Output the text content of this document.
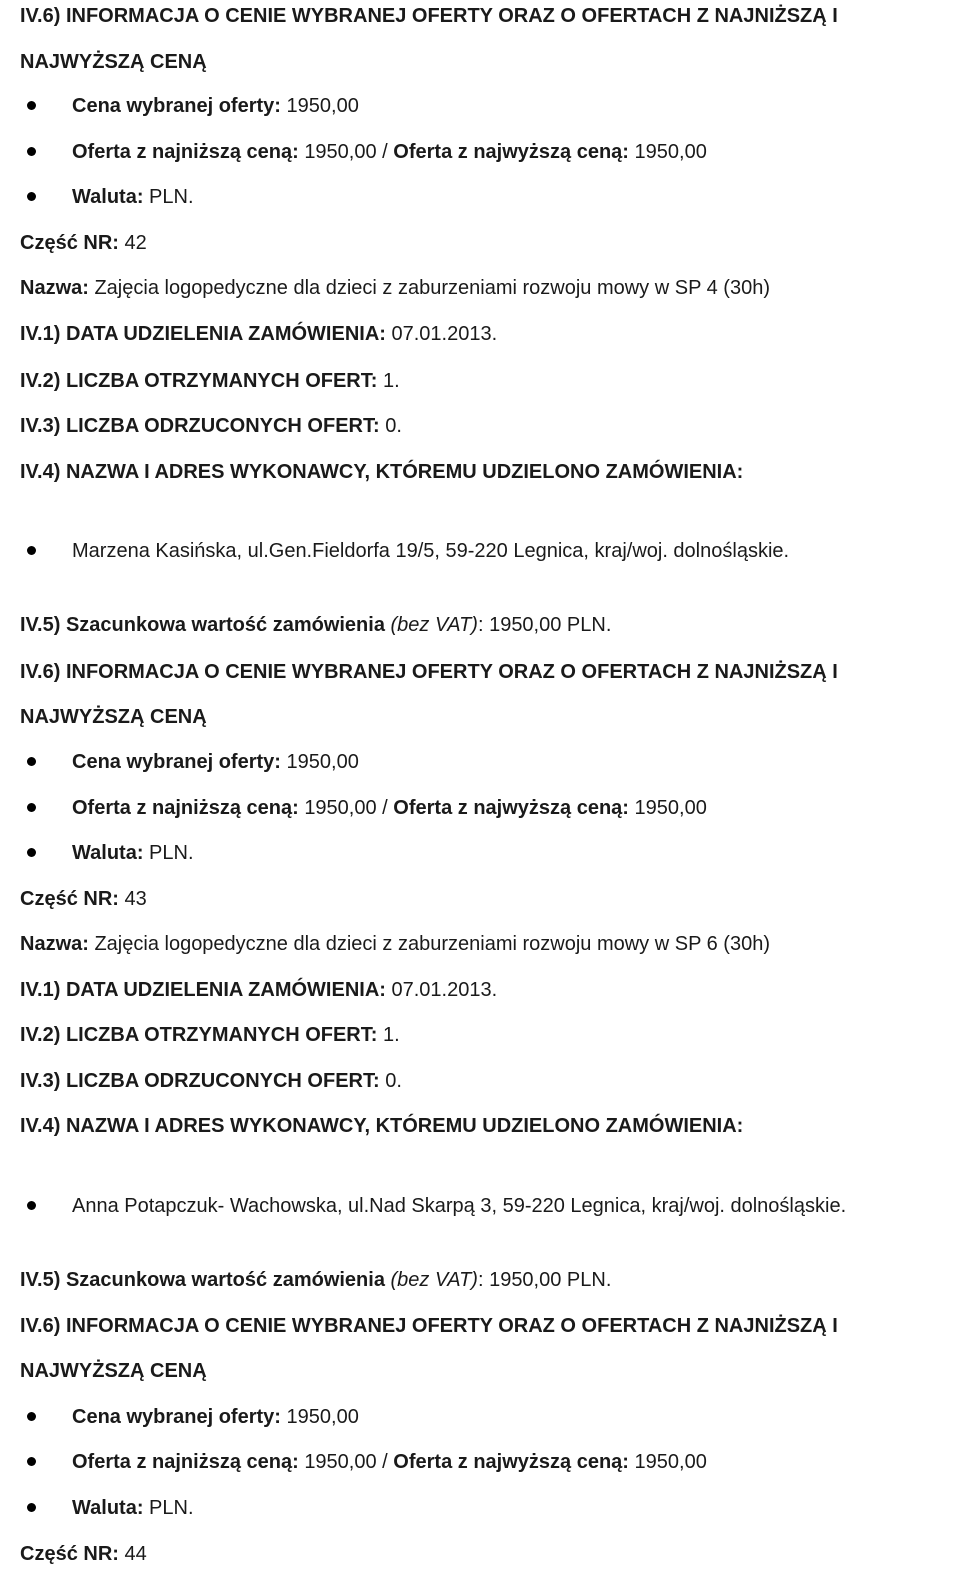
IV.6) INFORMACJA O CENIE WYBRANEJ OFERTY ORAZ O OFERTACH Z NAJNIŻSZĄ I
NAJWYŻSZĄ CENĄ
Cena wybranej oferty: 1950,00
Oferta z najniższą ceną: 1950,00 / Oferta z najwyższą ceną: 1950,00
Waluta: PLN.
Część NR: 42
Nazwa: Zajęcia logopedyczne dla dzieci z zaburzeniami rozwoju mowy w SP 4 (30h)
IV.1) DATA UDZIELENIA ZAMÓWIENIA: 07.01.2013.
IV.2) LICZBA OTRZYMANYCH OFERT: 1.
IV.3) LICZBA ODRZUCONYCH OFERT: 0.
IV.4) NAZWA I ADRES WYKONAWCY, KTÓREMU UDZIELONO ZAMÓWIENIA:
Marzena Kasińska, ul.Gen.Fieldorfa 19/5, 59-220 Legnica, kraj/woj. dolnośląskie.
IV.5) Szacunkowa wartość zamówienia (bez VAT): 1950,00 PLN.
IV.6) INFORMACJA O CENIE WYBRANEJ OFERTY ORAZ O OFERTACH Z NAJNIŻSZĄ I
NAJWYŻSZĄ CENĄ
Cena wybranej oferty: 1950,00
Oferta z najniższą ceną: 1950,00 / Oferta z najwyższą ceną: 1950,00
Waluta: PLN.
Część NR: 43
Nazwa: Zajęcia logopedyczne dla dzieci z zaburzeniami rozwoju mowy w SP 6 (30h)
IV.1) DATA UDZIELENIA ZAMÓWIENIA: 07.01.2013.
IV.2) LICZBA OTRZYMANYCH OFERT: 1.
IV.3) LICZBA ODRZUCONYCH OFERT: 0.
IV.4) NAZWA I ADRES WYKONAWCY, KTÓREMU UDZIELONO ZAMÓWIENIA:
Anna Potapczuk- Wachowska, ul.Nad Skarpą 3, 59-220 Legnica, kraj/woj. dolnośląskie.
IV.5) Szacunkowa wartość zamówienia (bez VAT): 1950,00 PLN.
IV.6) INFORMACJA O CENIE WYBRANEJ OFERTY ORAZ O OFERTACH Z NAJNIŻSZĄ I
NAJWYŻSZĄ CENĄ
Cena wybranej oferty: 1950,00
Oferta z najniższą ceną: 1950,00 / Oferta z najwyższą ceną: 1950,00
Waluta: PLN.
Część NR: 44
